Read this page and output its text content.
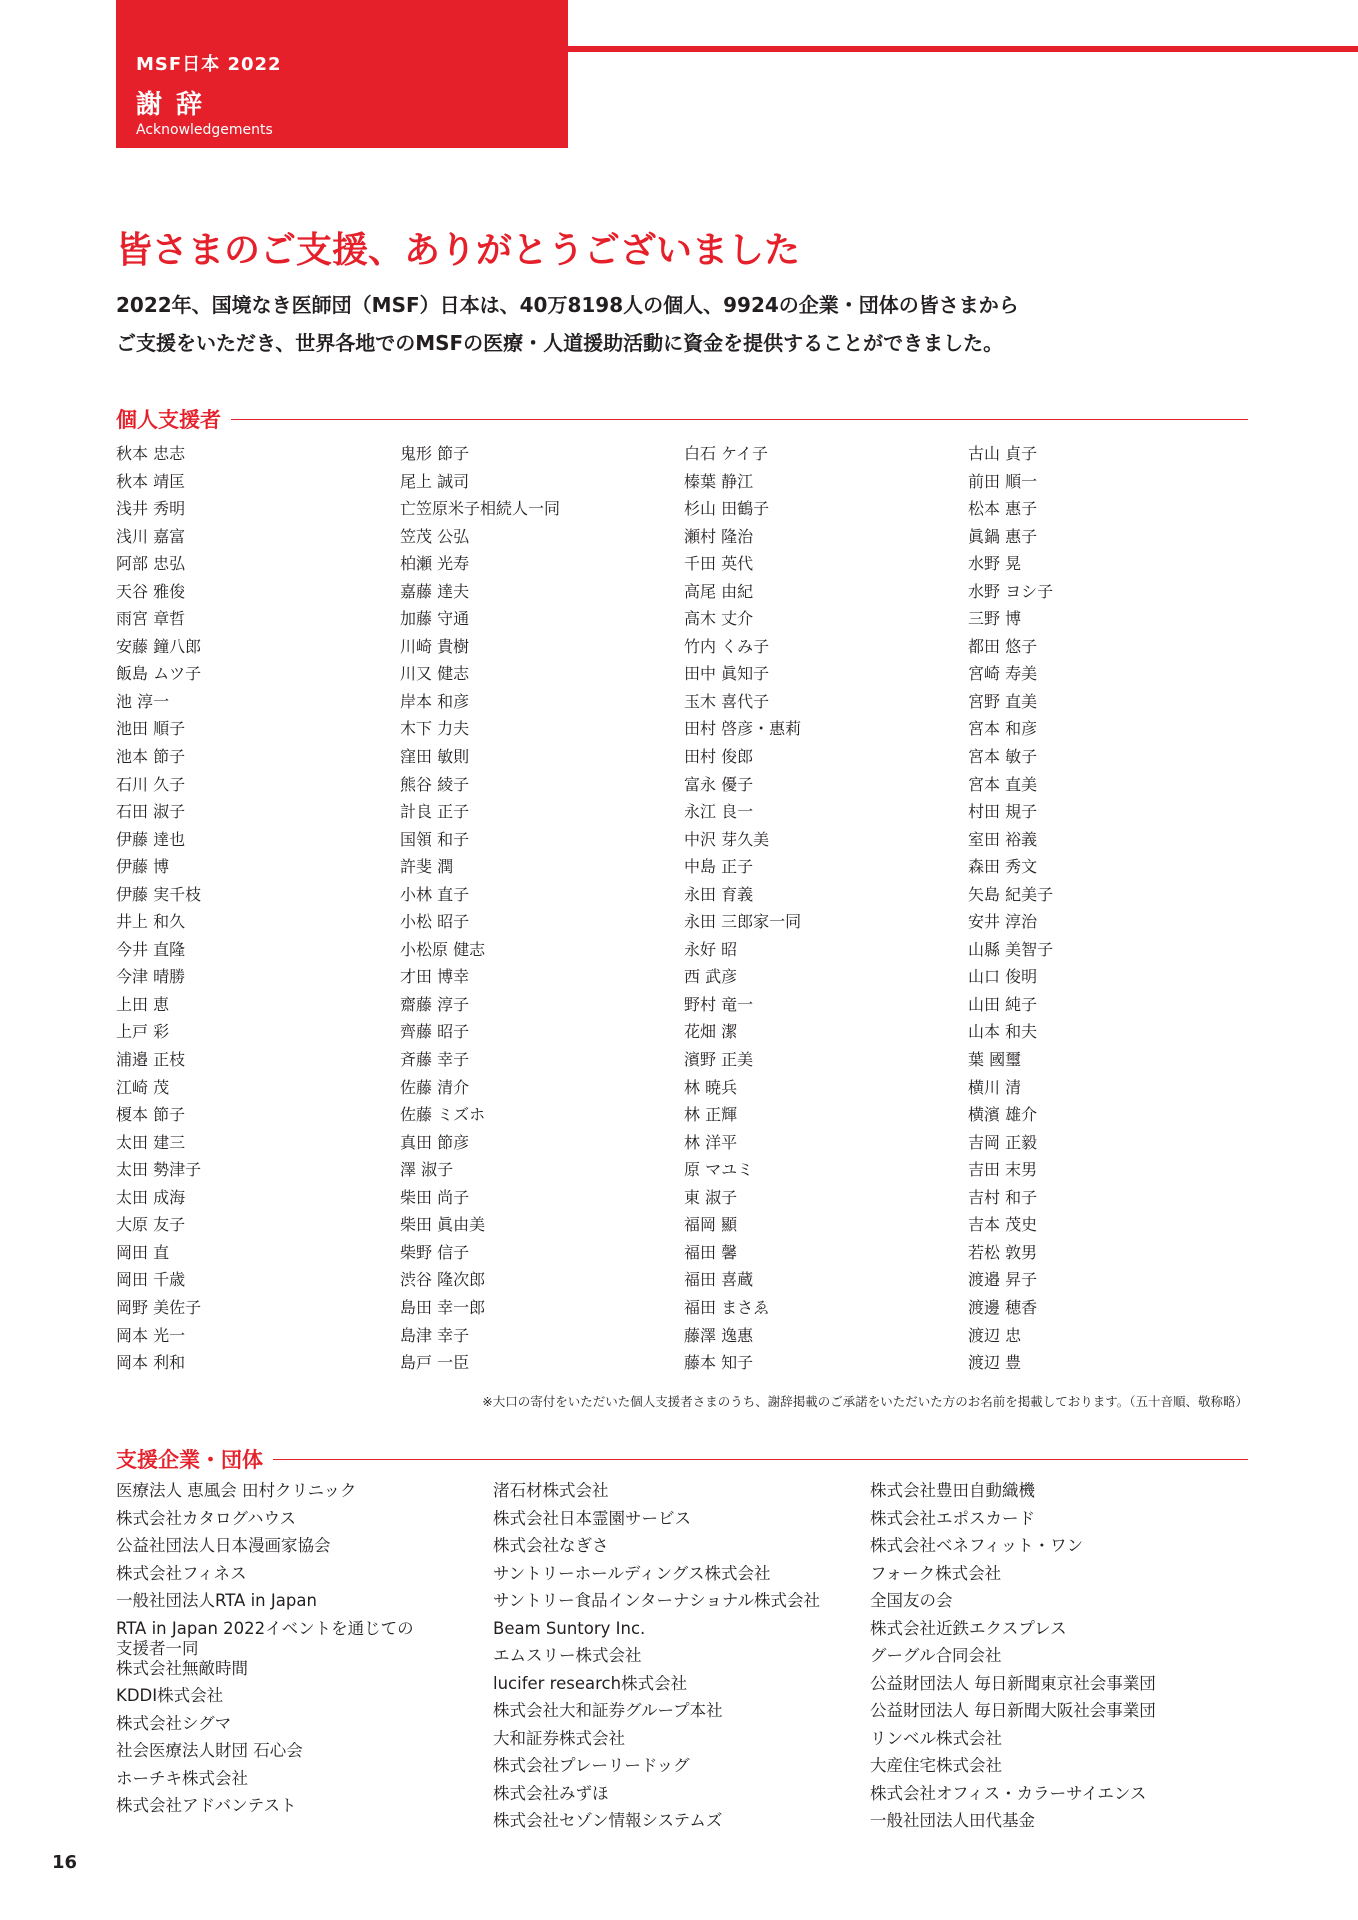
MSF日本 2022
謝辞
Acknowledgements
皆さまのご支援、ありがとうございました

2022年、国境なき医師団（MSF）日本は、40万8198人の個人、9924の企業・団体の皆さまから

ご支援をいただき、世界各地でのMSFの医療・人道援助活動に資金を提供することができました。

個人支援者
秋本 忠志
秋本 靖匡
浅井 秀明
浅川 嘉富
阿部 忠弘
天谷 雅俊
雨宮 章哲
安藤 鐘八郎
飯島 ムツ子
池 淳一
池田 順子
池本 節子
石川 久子
石田 淑子
伊藤 達也
伊藤 博
伊藤 実千枝
井上 和久
今井 直隆
今津 晴勝
上田 恵
上戸 彩
浦邉 正枝
江崎 茂
榎本 節子
太田 建三
太田 勢津子
太田 成海
大原 友子
岡田 直
岡田 千歳
岡野 美佐子
岡本 光一
岡本 利和
鬼形 節子
尾上 誠司
亡笠原米子相続人一同
笠茂 公弘
柏瀬 光寿
嘉藤 達夫
加藤 守通
川崎 貴樹
川又 健志
岸本 和彦
木下 力夫
窪田 敏則
熊谷 綾子
計良 正子
国領 和子
許斐 潤
小林 直子
小松 昭子
小松原 健志
才田 博幸
齋藤 淳子
齊藤 昭子
斉藤 幸子
佐藤 清介
佐藤 ミズホ
真田 節彦
澤 淑子
柴田 尚子
柴田 眞由美
柴野 信子
渋谷 隆次郎
島田 幸一郎
島津 幸子
島戸 一臣
白石 ケイ子
榛葉 静江
杉山 田鶴子
瀬村 隆治
千田 英代
高尾 由紀
高木 丈介
竹内 くみ子
田中 眞知子
玉木 喜代子
田村 啓彦・惠莉
田村 俊郎
富永 優子
永江 良一
中沢 芽久美
中島 正子
永田 育義
永田 三郎家一同
永好 昭
西 武彦
野村 竜一
花畑 潔
濱野 正美
林 暁兵
林 正輝
林 洋平
原 マユミ
東 淑子
福岡 顯
福田 馨
福田 喜蔵
福田 まさゑ
藤澤 逸惠
藤本 知子
古山 貞子
前田 順一
松本 惠子
眞鍋 惠子
水野 晃
水野 ヨシ子
三野 博
都田 悠子
宮崎 寿美
宮野 直美
宮本 和彦
宮本 敏子
宮本 直美
村田 規子
室田 裕義
森田 秀文
矢島 紀美子
安井 淳治
山縣 美智子
山口 俊明
山田 純子
山本 和夫
葉 國璽
横川 清
横濱 雄介
吉岡 正毅
吉田 末男
吉村 和子
吉本 茂史
若松 敦男
渡邉 昇子
渡邊 穂香
渡辺 忠
渡辺 豊
※大口の寄付をいただいた個人支援者さまのうち、謝辞掲載のご承諾をいただいた方のお名前を掲載しております。（五十音順、敬称略）
支援企業・団体
医療法人 恵風会 田村クリニック
株式会社カタログハウス
公益社団法人日本漫画家協会
株式会社フィネス
一般社団法人RTA in Japan
RTA in Japan 2022イベントを通じての
支援者一同
株式会社無敵時間
KDDI株式会社
株式会社シグマ
社会医療法人財団 石心会
ホーチキ株式会社
株式会社アドバンテスト
渚石材株式会社
株式会社日本霊園サービス
株式会社なぎさ
サントリーホールディングス株式会社
サントリー食品インターナショナル株式会社
Beam Suntory Inc.
エムスリー株式会社
lucifer research株式会社
株式会社大和証券グループ本社
大和証券株式会社
株式会社プレーリードッグ
株式会社みずほ
株式会社セゾン情報システムズ
株式会社豊田自動織機
株式会社エポスカード
株式会社ベネフィット・ワン
フォーク株式会社
全国友の会
株式会社近鉄エクスプレス
グーグル合同会社
公益財団法人 毎日新聞東京社会事業団
公益財団法人 毎日新聞大阪社会事業団
リンベル株式会社
大産住宅株式会社
株式会社オフィス・カラーサイエンス
一般社団法人田代基金
16
